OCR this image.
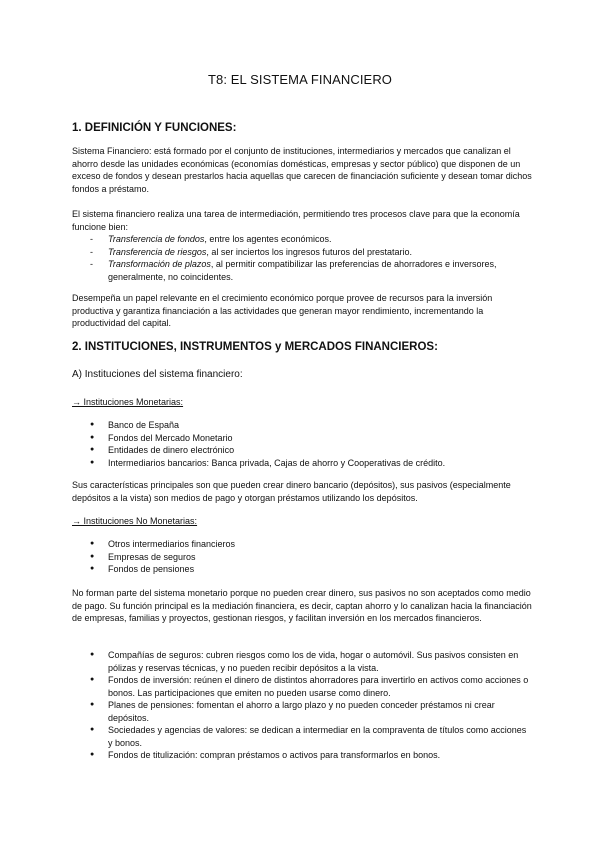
T8: EL SISTEMA FINANCIERO
1. DEFINICIÓN Y FUNCIONES:

Sistema Financiero: está formado por el conjunto de instituciones, intermediarios y mercados que canalizan el ahorro desde las unidades económicas (economías domésticas, empresas y sector público) que disponen de un exceso de fondos y desean prestarlos hacia aquellas que carecen de financiación suficiente y desean tomar dichos fondos a préstamo.

El sistema financiero realiza una tarea de intermediación, permitiendo tres procesos clave para que la economía funcione bien:

- Transferencia de fondos, entre los agentes económicos.
- Transferencia de riesgos, al ser inciertos los ingresos futuros del prestatario.
- Transformación de plazos, al permitir compatibilizar las preferencias de ahorradores e inversores, generalmente, no coincidentes.

Desempeña un papel relevante en el crecimiento económico porque provee de recursos para la inversión productiva y garantiza financiación a las actividades que generan mayor rendimiento, incrementando la productividad del capital.

2. INSTITUCIONES, INSTRUMENTOS y MERCADOS FINANCIEROS:

A) Instituciones del sistema financiero:

→ Instituciones Monetarias:

● Banco de España
● Fondos del Mercado Monetario
● Entidades de dinero electrónico
● Intermediarios bancarios: Banca privada, Cajas de ahorro y Cooperativas de crédito.

Sus características principales son que pueden crear dinero bancario (depósitos), sus pasivos (especialmente depósitos a la vista) son medios de pago y otorgan préstamos utilizando los depósitos.

→ Instituciones No Monetarias:

● Otros intermediarios financieros
● Empresas de seguros
● Fondos de pensiones

No forman parte del sistema monetario porque no pueden crear dinero, sus pasivos no son aceptados como medio de pago. Su función principal es la mediación financiera, es decir, captan ahorro y lo canalizan hacia la financiación de empresas, familias y proyectos, gestionan riesgos, y facilitan inversión en los mercados financieros.

● Compañías de seguros: cubren riesgos como los de vida, hogar o automóvil. Sus pasivos consisten en pólizas y reservas técnicas, y no pueden recibir depósitos a la vista.
● Fondos de inversión: reúnen el dinero de distintos ahorradores para invertirlo en activos como acciones o bonos. Las participaciones que emiten no pueden usarse como dinero.
● Planes de pensiones: fomentan el ahorro a largo plazo y no pueden conceder préstamos ni crear depósitos.
● Sociedades y agencias de valores: se dedican a intermediar en la compraventa de títulos como acciones y bonos.
● Fondos de titulización: compran préstamos o activos para transformarlos en bonos.
